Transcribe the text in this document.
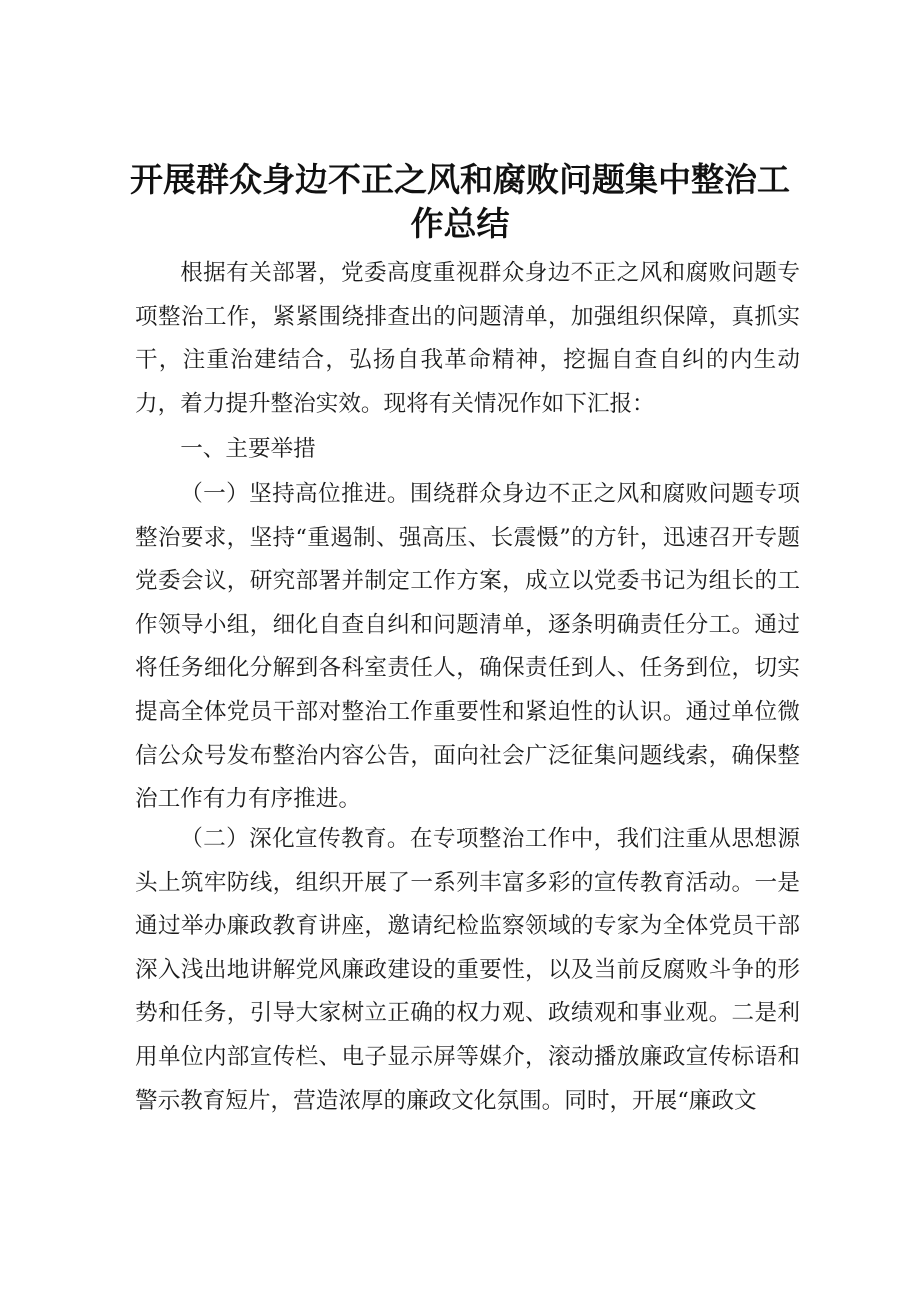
开展群众身边不正之风和腐败问题集中整治工
作总结

根据有关部署，党委高度重视群众身边不正之风和腐败问题专项整治工作，紧紧围绕排查出的问题清单，加强组织保障，真抓实干，注重治建结合，弘扬自我革命精神，挖掘自查自纠的内生动力，着力提升整治实效。现将有关情况作如下汇报：

一、主要举措

（一）坚持高位推进。围绕群众身边不正之风和腐败问题专项整治要求，坚持“重遏制、强高压、长震慑”的方针，迅速召开专题党委会议，研究部署并制定工作方案，成立以党委书记为组长的工作领导小组，细化自查自纠和问题清单，逐条明确责任分工。通过将任务细化分解到各科室责任人，确保责任到人、任务到位，切实提高全体党员干部对整治工作重要性和紧迫性的认识。通过单位微信公众号发布整治内容公告，面向社会广泛征集问题线索，确保整治工作有力有序推进。

（二）深化宣传教育。在专项整治工作中，我们注重从思想源头上筑牢防线，组织开展了一系列丰富多彩的宣传教育活动。一是通过举办廉政教育讲座，邀请纪检监察领域的专家为全体党员干部深入浅出地讲解党风廉政建设的重要性，以及当前反腐败斗争的形势和任务，引导大家树立正确的权力观、政绩观和事业观。二是利用单位内部宣传栏、电子显示屏等媒介，滚动播放廉政宣传标语和警示教育短片，营造浓厚的廉政文化氛围。同时，开展“廉政文
